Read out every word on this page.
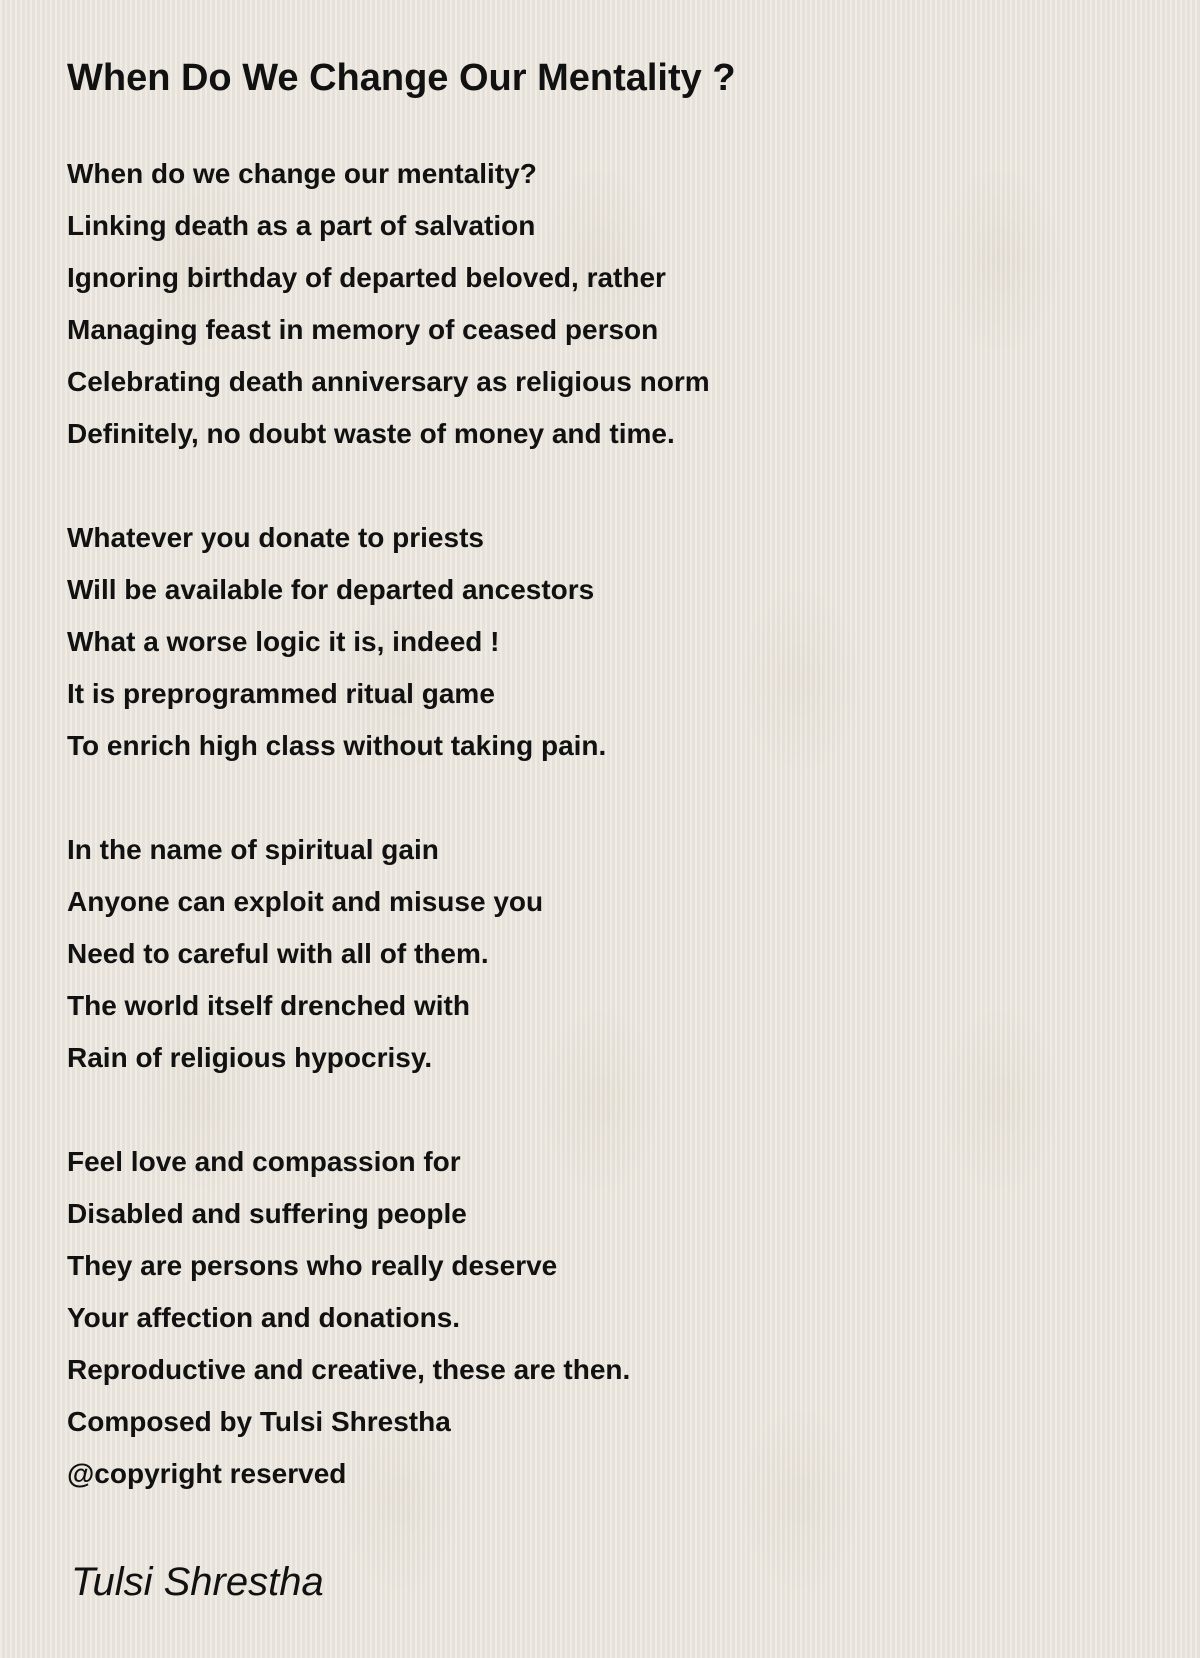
When Do We Change Our Mentality ?
When do we change our mentality?
Linking death as a part of salvation
Ignoring birthday of departed beloved, rather
Managing feast in memory of ceased person
Celebrating death anniversary as religious norm
Definitely, no doubt waste of money and time.
Whatever you donate to priests
Will be available for departed ancestors
What a worse logic it is, indeed !
It is preprogrammed ritual game
To enrich high class without taking pain.
In the name of spiritual gain
Anyone can exploit and misuse you
Need to careful with all of them.
The world itself drenched with
Rain of religious hypocrisy.
Feel love and compassion for
Disabled and suffering people
They are persons who really deserve
Your affection and donations.
Reproductive and creative, these are then.
Composed by Tulsi Shrestha
@copyright reserved

Tulsi Shrestha
